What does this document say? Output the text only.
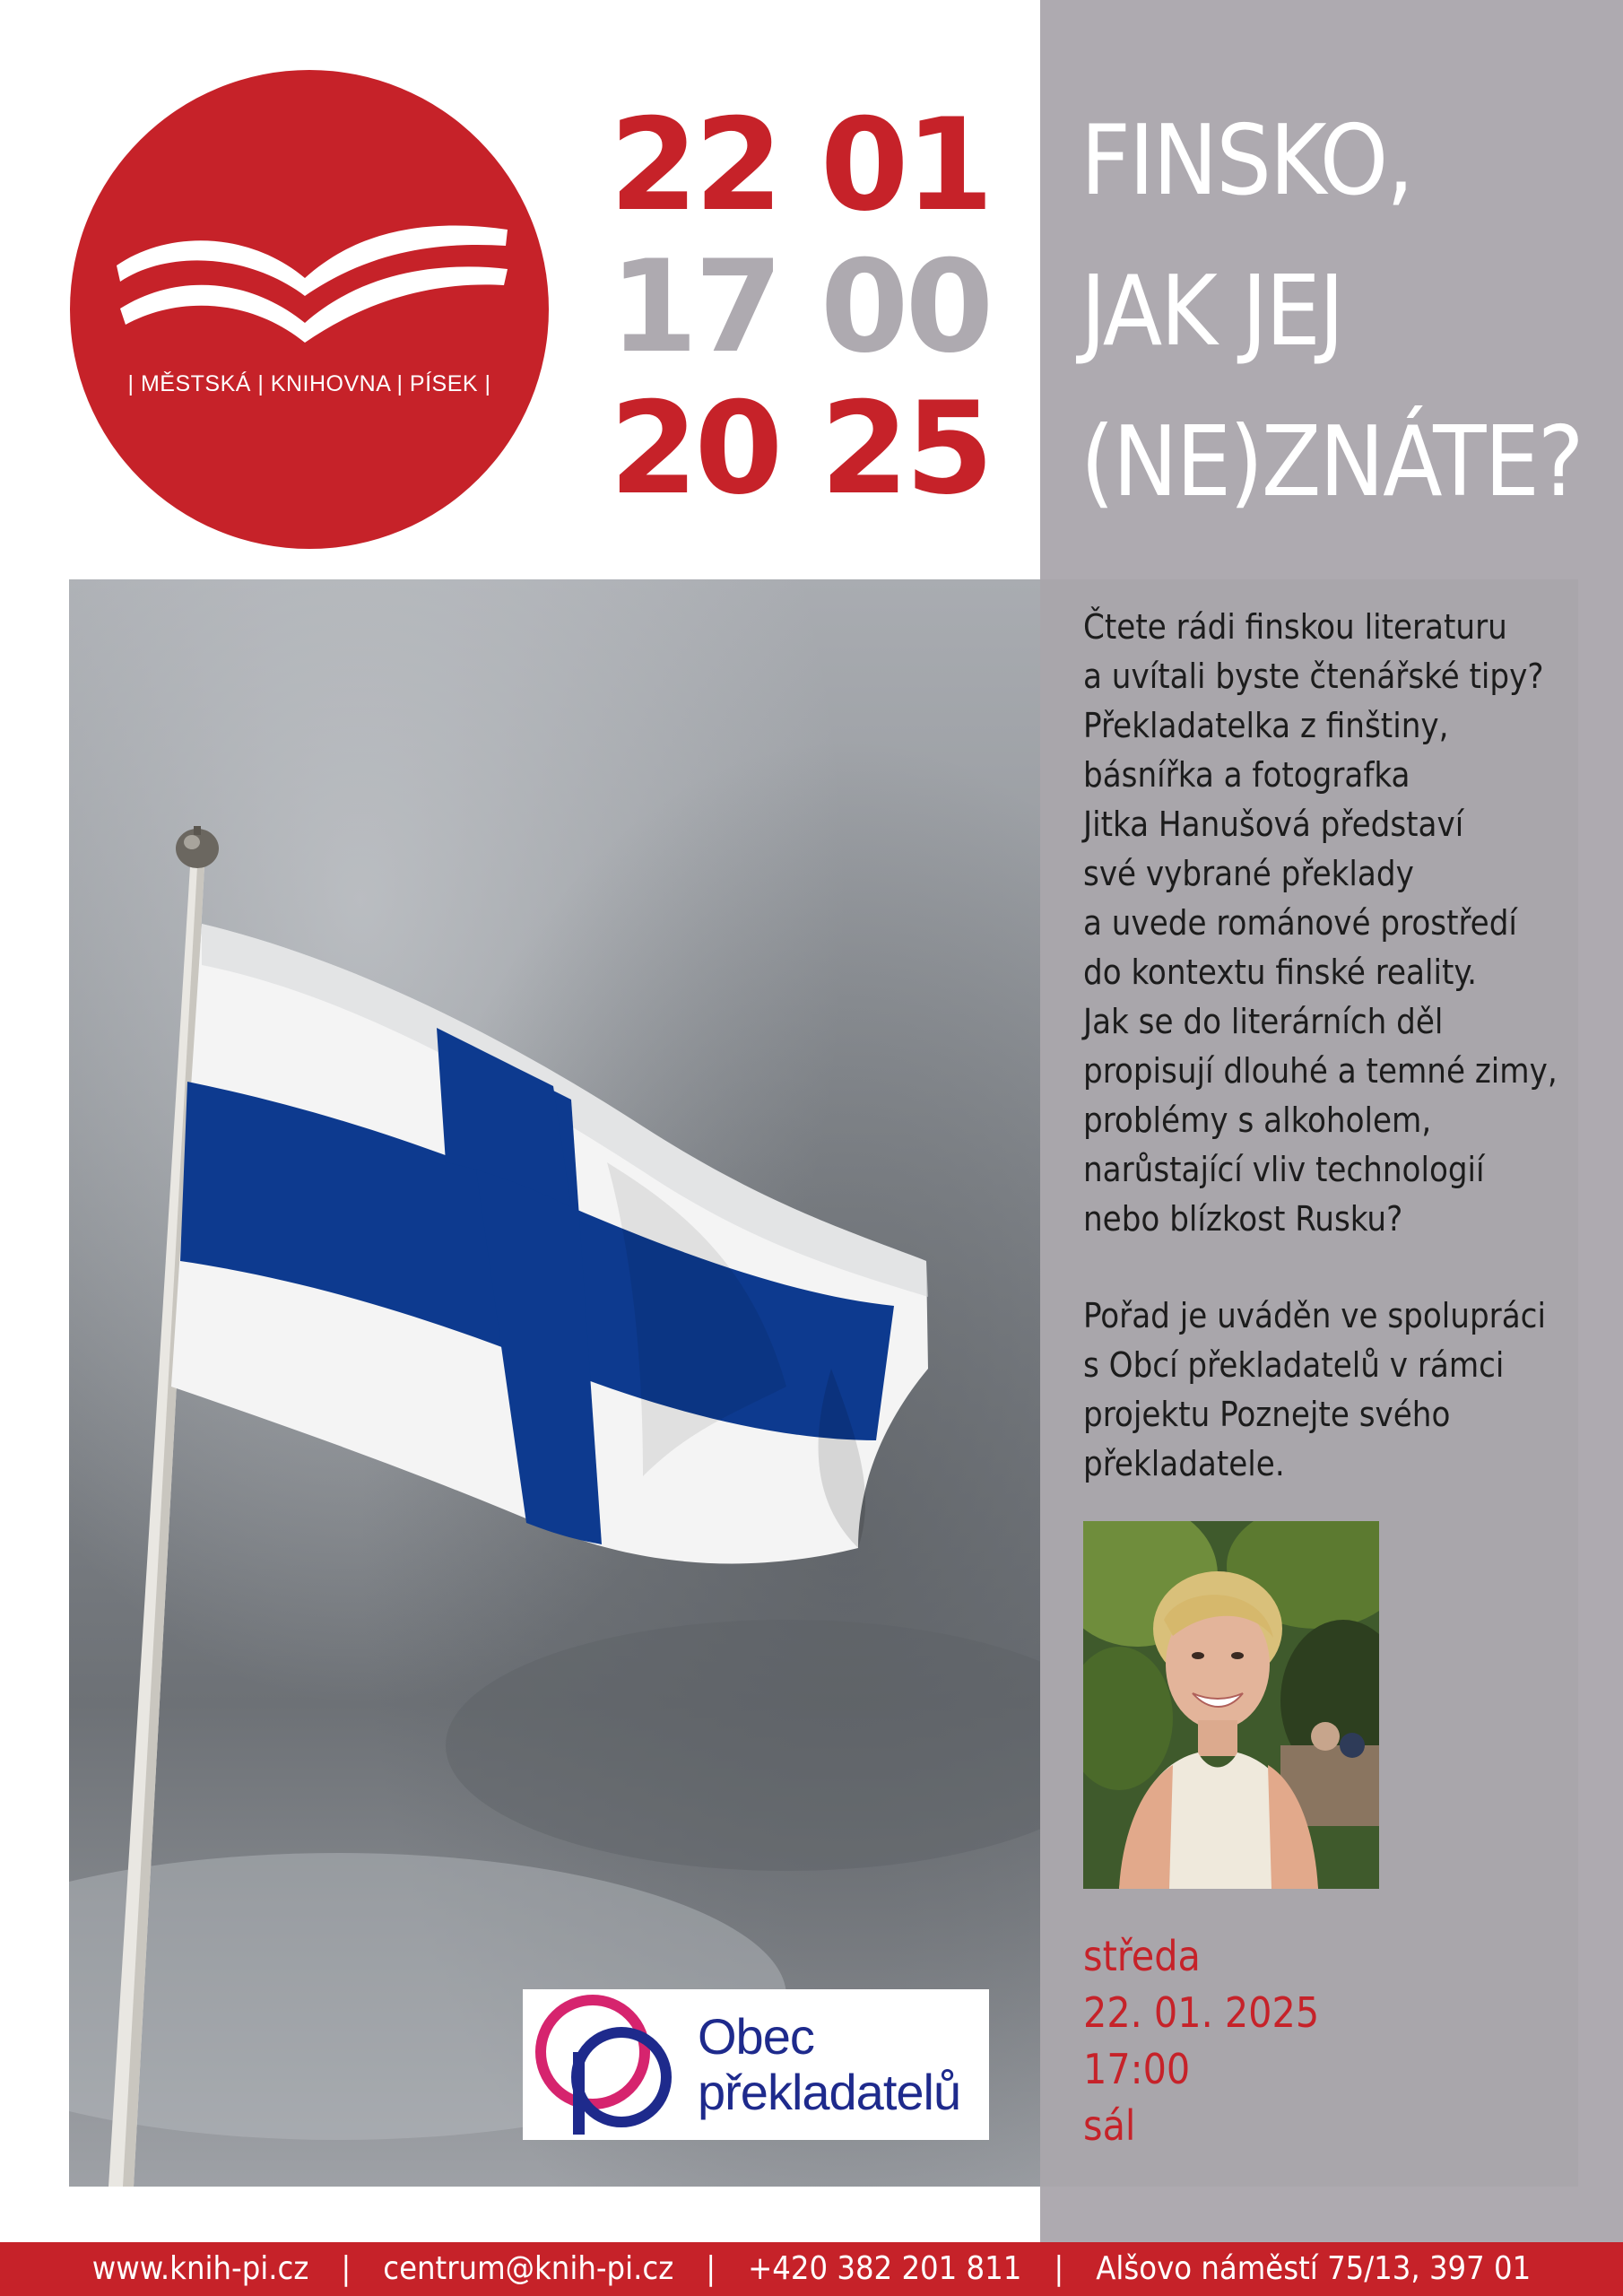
| MĚSTSKÁ | KNIHOVNA | PÍSEK |
22 01
17 00
20 25
FINSKO,
JAK JEJ
(NE)ZNÁTE?
Čtete rádi finskou literaturu
a uvítali byste čtenářské tipy?
Překladatelka z finštiny,
básnířka a fotografka
Jitka Hanušová představí
své vybrané překlady
a uvede románové prostředí
do kontextu finské reality.
Jak se do literárních děl
propisují dlouhé a temné zimy,
problémy s alkoholem,
narůstající vliv technologií
nebo blízkost Rusku?
Pořad je uváděn ve spolupráci
s Obcí překladatelů v rámci
projektu Poznejte svého
překladatele.
středa
22. 01. 2025
17:00
sál
Obec
překladatelů
www.knih-pi.cz | centrum@knih-pi.cz | +420 382 201 811 | Alšovo náměstí 75/13, 397 01
